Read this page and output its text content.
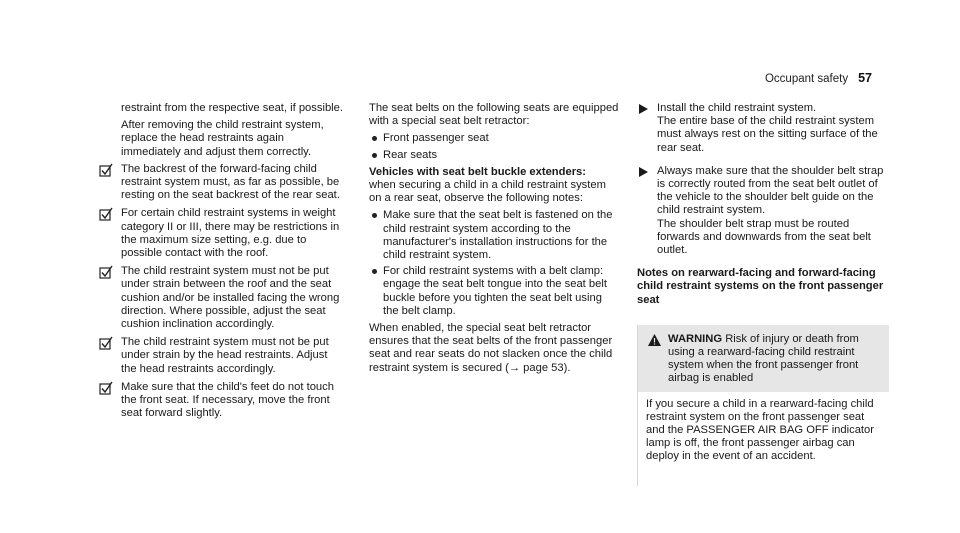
Occupant safety 57

restraint from the respective seat, if possible.

After removing the child restraint system, replace the head restraints again immediately and adjust them correctly.

The backrest of the forward-facing child restraint system must, as far as possible, be resting on the seat backrest of the rear seat.
For certain child restraint systems in weight category II or III, there may be restrictions in the maximum size setting, e.g. due to possible contact with the roof.
The child restraint system must not be put under strain between the roof and the seat cushion and/or be installed facing the wrong direction. Where possible, adjust the seat cushion inclination accordingly.
The child restraint system must not be put under strain by the head restraints. Adjust the head restraints accordingly.
Make sure that the child's feet do not touch the front seat. If necessary, move the front seat forward slightly.

The seat belts on the following seats are equipped with a special seat belt retractor:

Front passenger seat
Rear seats
Vehicles with seat belt buckle extenders:

when securing a child in a child restraint system on a rear seat, observe the following notes:

Make sure that the seat belt is fastened on the child restraint system according to the manufacturer's installation instructions for the child restraint system.
For child restraint systems with a belt clamp: engage the seat belt tongue into the seat belt buckle before you tighten the seat belt using the belt clamp.

When enabled, the special seat belt retractor ensures that the seat belts of the front passenger seat and rear seats do not slacken once the child restraint system is secured (→ page 53).

Install the child restraint system.
The entire base of the child restraint system must always rest on the sitting surface of the rear seat.
Always make sure that the shoulder belt strap is correctly routed from the seat belt outlet of the vehicle to the shoulder belt guide on the child restraint system.
The shoulder belt strap must be routed forwards and downwards from the seat belt outlet.
Notes on rearward-facing and forward-facing child restraint systems on the front passenger seat
WARNING Risk of injury or death from using a rearward-facing child restraint system when the front passenger front airbag is enabled
If you secure a child in a rearward-facing child restraint system on the front passenger seat and the PASSENGER AIR BAG OFF indicator lamp is off, the front passenger airbag can deploy in the event of an accident.
